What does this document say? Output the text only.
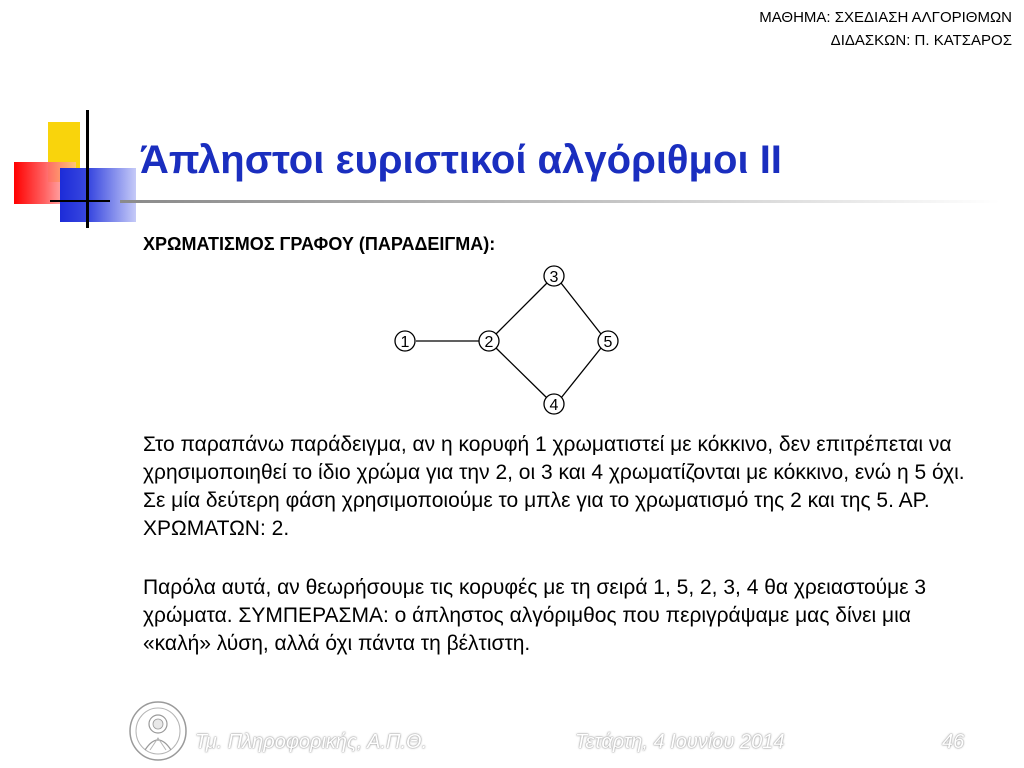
ΜΑΘΗΜΑ: ΣΧΕΔΙΑΣΗ ΑΛΓΟΡΙΘΜΩΝ
ΔΙΔΑΣΚΩΝ: Π. ΚΑΤΣΑΡΟΣ
Άπληστοι ευριστικοί αλγόριθμοι II
ΧΡΩΜΑΤΙΣΜΟΣ ΓΡΑΦΟΥ (ΠΑΡΑΔΕΙΓΜΑ):
1	2
3
4
5

Στο παραπάνω παράδειγμα, αν η κορυφή 1 χρωματιστεί με κόκκινο, δεν επιτρέπεται να χρησιμοποιηθεί το ίδιο χρώμα για την 2, οι 3 και 4 χρωματίζονται με κόκκινο, ενώ η 5 όχι. Σε μία δεύτερη φάση χρησιμοποιούμε το μπλε για το χρωματισμό της 2 και της 5. ΑΡ. ΧΡΩΜΑΤΩΝ: 2.

Παρόλα αυτά, αν θεωρήσουμε τις κορυφές με τη σειρά 1, 5, 2, 3, 4 θα χρειαστούμε 3 χρώματα. ΣΥΜΠΕΡΑΣΜΑ: ο άπληστος αλγόριμθος που περιγράψαμε μας δίνει μια «καλή» λύση, αλλά όχι πάντα τη βέλτιστη.

Τμ. Πληροφορικής, Α.Π.Θ.	Τετάρτη, 4 Ιουνίου 2014	46
